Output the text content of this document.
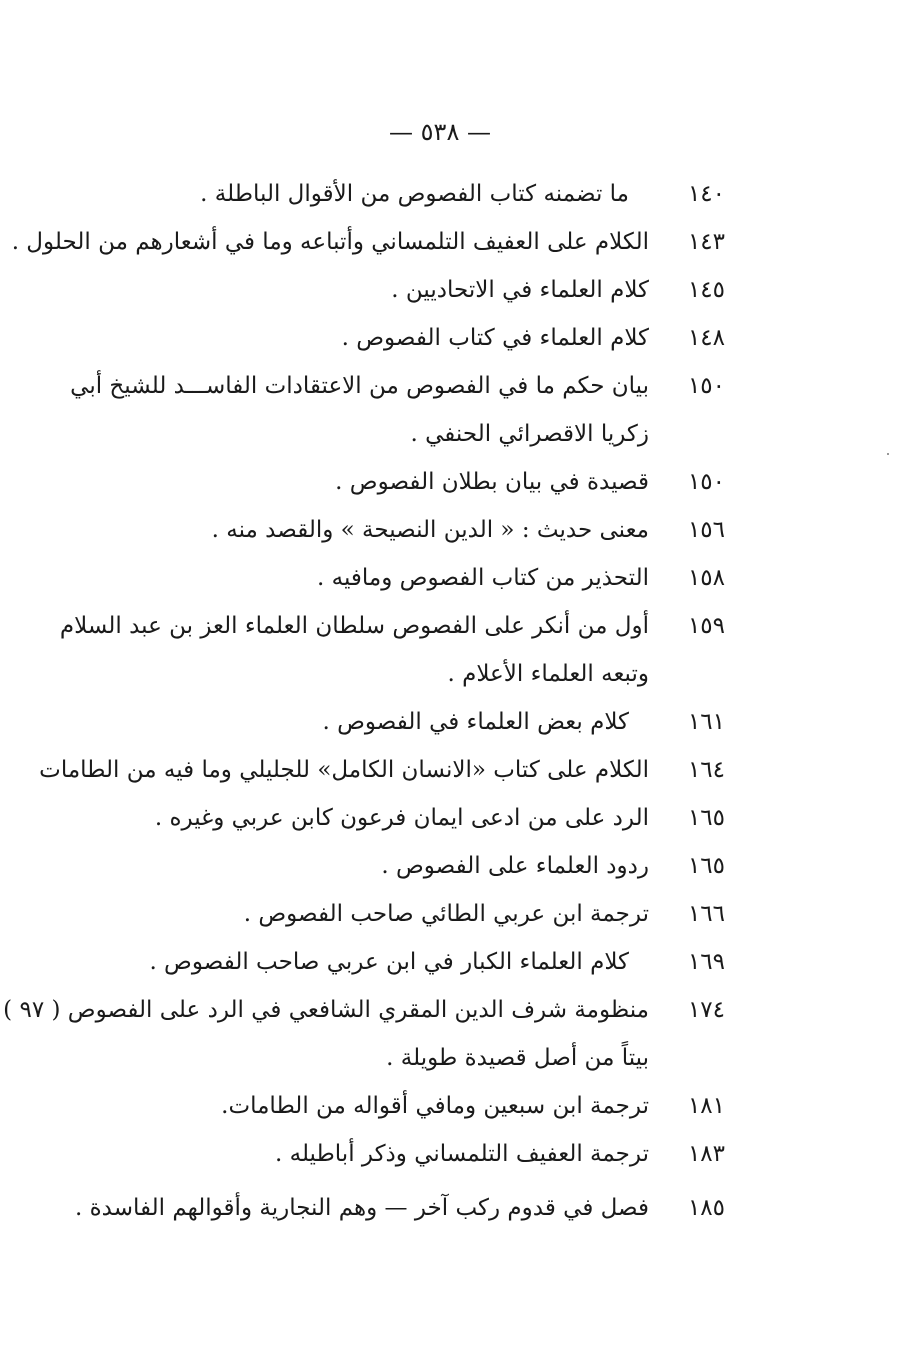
— ٥٣٨ —
١٤٠
ما تضمنه كتاب الفصوص من الأقوال الباطلة .
١٤٣
الكلام على العفيف التلمساني وأتباعه وما في أشعارهم من الحلول .
١٤٥
كلام العلماء في الاتحاديين .
١٤٨
كلام العلماء في كتاب الفصوص .
١٥٠
بيان حكم ما في الفصوص من الاعتقادات الفاســـد للشيخ أبي
زكريا الاقصرائي الحنفي .
١٥٠
قصيدة في بيان بطلان الفصوص .
١٥٦
معنى حديث : « الدين النصيحة » والقصد منه .
١٥٨
التحذير من كتاب الفصوص ومافيه .
١٥٩
أول من أنكر على الفصوص سلطان العلماء العز بن عبد السلام
وتبعه العلماء الأعلام .
١٦١
كلام بعض العلماء في الفصوص .
١٦٤
الكلام على كتاب «الانسان الكامل» للجليلي وما فيه من الطامات
١٦٥
الرد على من ادعى ايمان فرعون كابن عربي وغيره .
١٦٥
ردود العلماء على الفصوص .
١٦٦
ترجمة ابن عربي الطائي صاحب الفصوص .
١٦٩
كلام العلماء الكبار في ابن عربي صاحب الفصوص .
١٧٤
منظومة شرف الدين المقري الشافعي في الرد على الفصوص ( ٩٧ )
بيتاً من أصل قصيدة طويلة .
١٨١
ترجمة ابن سبعين ومافي أقواله من الطامات.
١٨٣
ترجمة العفيف التلمساني وذكر أباطيله .
١٨٥
فصل في قدوم ركب آخر — وهم النجارية وأقوالهم الفاسدة .
